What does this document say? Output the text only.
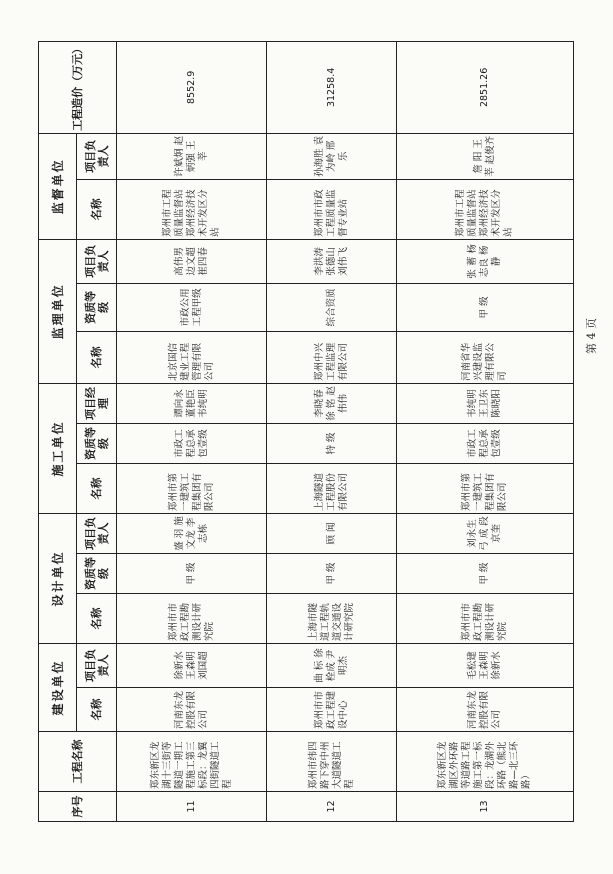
序号	工程名称	建设单位		设计单位			施工单位			监理单位			监督单位		工程造价（万元）
		名称	项目负责人	名称	资质等级	项目负责人	名称	资质等级	项目经理	名称	资质等级	项目负责人	名称	项目负责人	
11	郑东新区龙湖十三街等隧道一期工程施工第三标段：龙翼四街隧道工程	河南东龙控股有限公司	徐新水 王森明 刘国超	郑州市市政工程勘测设计研究院	甲 级	盛 羽 施文龙 李志栋	郑州市第一建筑工程集团有限公司	市政工程总承包壹级	谭向永 董艳臣 韦纯明	北京国信建业工程管理有限公司	市政公用工程甲级	高伟男 边文超 崔四春	郑州市工程质量监督站郑州经济技术开发区分站	许斌炯 赵炳强 王 莘	8552.9
12	郑州市纬四路下穿中州大道隧道工程	郑州市市政工程建设中心	曲 标 徐栓成 尹明杰	上海市隧道工程轨道交通设计研究院	甲 级	顾 闻	上海隧道工程股份有限公司	特 级	李晓春 徐 铭 赵伟伟	郑州中兴工程监理有限公司	综合资质	李洪涛 张德山 刘伟飞	郑州市市政工程质量监督专业站	孙海胜 袁为岭 邢 乐	31258.4
13	郑东新区龙湖区外环路等道路工程施工第一标段：龙湖外环路（熊北路—北三环路）	河南东龙控股有限公司	毛松建 王森明 徐新水	郑州市市政工程勘测设计研究院	甲 级	刘永生 弓 成 段京奎	郑州市第一建筑工程集团有限公司	市政工程总承包壹级	韦纯明 王卫东 陈晓阳	河南省华兴建设监理有限公司	甲 级	张 蓄 杨志良 杨 静	郑州市工程质量监督站郑州经济技术开发区分站	詹 阳 王 莘 赵俊齐	2851.26
第 4 页
